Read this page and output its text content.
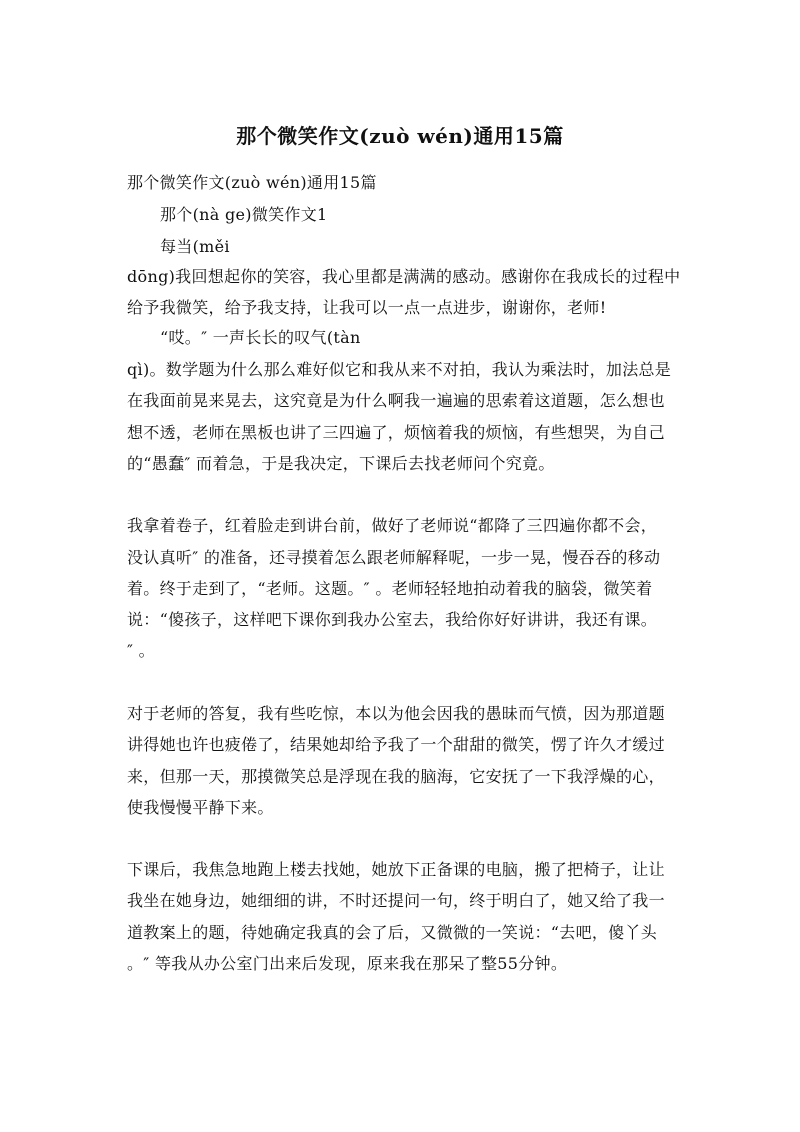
那个微笑作文(zuò wén)通用15篇
那个微笑作文(zuò wén)通用15篇
那个(nà ge)微笑作文1
每当(měi
dōng)我回想起你的笑容，我心里都是满满的感动。感谢你在我成长的过程中
给予我微笑，给予我支持，让我可以一点一点进步，谢谢你，老师!
“哎。″ 一声长长的叹气(tàn
qì)。数学题为什么那么难好似它和我从来不对拍，我认为乘法时，加法总是
在我面前晃来晃去，这究竟是为什么啊我一遍遍的思索着这道题，怎么想也
想不透，老师在黑板也讲了三四遍了，烦恼着我的烦恼，有些想哭，为自己
的“愚蠢″ 而着急，于是我决定，下课后去找老师问个究竟。
我拿着卷子，红着脸走到讲台前，做好了老师说“都降了三四遍你都不会，
没认真听″ 的准备，还寻摸着怎么跟老师解释呢，一步一晃，慢吞吞的移动
着。终于走到了，“老师。这题。″ 。老师轻轻地拍动着我的脑袋，微笑着
说：“傻孩子，这样吧下课你到我办公室去，我给你好好讲讲，我还有课。
″ 。
对于老师的答复，我有些吃惊，本以为他会因我的愚昧而气愤，因为那道题
讲得她也许也疲倦了，结果她却给予我了一个甜甜的微笑，愣了许久才缓过
来，但那一天，那摸微笑总是浮现在我的脑海，它安抚了一下我浮燥的心，
使我慢慢平静下来。
下课后，我焦急地跑上楼去找她，她放下正备课的电脑，搬了把椅子，让让
我坐在她身边，她细细的讲，不时还提问一句，终于明白了，她又给了我一
道教案上的题，待她确定我真的会了后，又微微的一笑说：“去吧，傻丫头
。″ 等我从办公室门出来后发现，原来我在那呆了整55分钟。
